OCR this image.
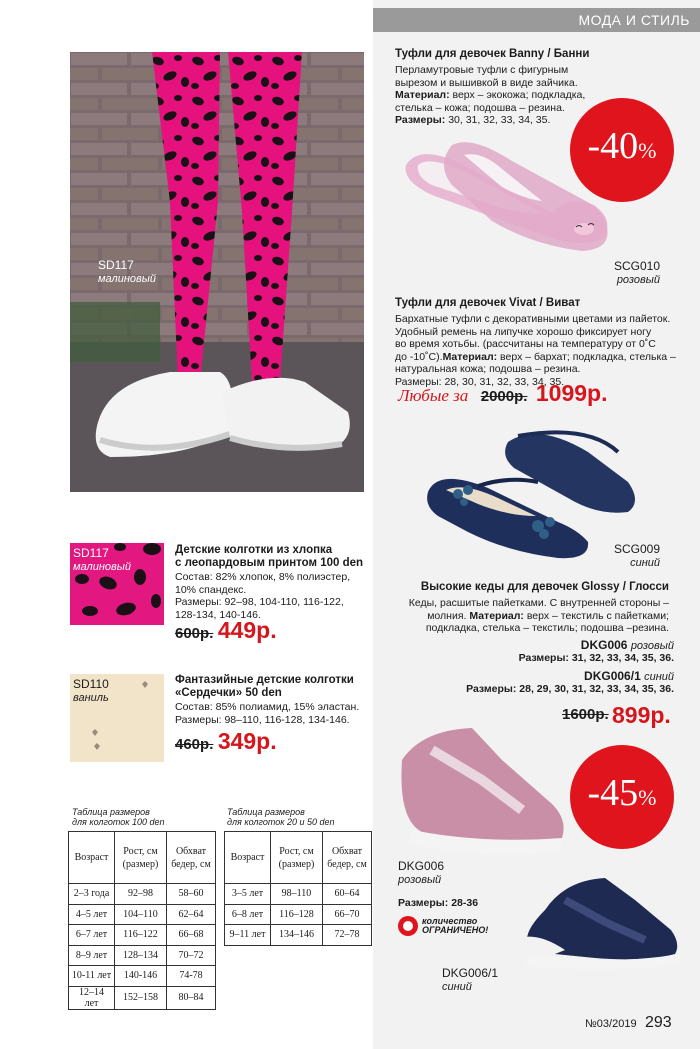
МОДА И СТИЛЬ
SD117
малиновый
SD117
малиновый
Детские колготки из хлопка
с леопардовым принтом 100 den
Состав: 82% хлопок, 8% полиэстер,
10% спандекс.
Размеры: 92–98, 104-110, 116-122,
128-134, 140-146.
600р. 449р.
SD110
ваниль
Фантазийные детские колготки
«Сердечки» 50 den
Состав: 85% полиамид, 15% эластан.
Размеры: 98–110, 116-128, 134-146.
460р. 349р.
Таблица размеров
для колготок 100 den
Возраст	Рост, см (размер)	Обхват бедер, см
2–3 года	92–98	58–60
4–5 лет	104–110	62–64
6–7 лет	116–122	66–68
8–9 лет	128–134	70–72
10-11 лет	140-146	74-78
12–14 лет	152–158	80–84
Таблица размеров
для колготок 20 и 50 den
Возраст	Рост, см (размер)	Обхват бедер, см
3–5 лет	98–110	60–64
6–8 лет	116–128	66–70
9–11 лет	134–146	72–78
Туфли для девочек Banny / Банни
Перламутровые туфли с фигурным
вырезом и вышивкой в виде зайчика.
Материал: верх – экокожа; подкладка,
стелька – кожа; подошва – резина.
Размеры: 30, 31, 32, 33, 34, 35.
-40%
SCG010
розовый
Туфли для девочек Vivat / Виват
Бархатные туфли с декоративными цветами из пайеток.
Удобный ремень на липучке хорошо фиксирует ногу
во время хотьбы. (рассчитаны на температуру от 0˚С
до -10˚С).Материал: верх – бархат; подкладка, стелька –
натуральная кожа; подошва – резина.
Размеры: 28, 30, 31, 32, 33, 34, 35.
Любые за 2000р. 1099р.
SCG009
синий
Высокие кеды для девочек Glossy / Глосси
Кеды, расшитые пайетками. С внутренней стороны –
молния. Материал: верх – текстиль с пайетками;
подкладка, стелька – текстиль; подошва –резина.
DKG006 розовый
Размеры: 31, 32, 33, 34, 35, 36.
DKG006/1 синий
Размеры: 28, 29, 30, 31, 32, 33, 34, 35, 36.
1600р. 899р.
-45%
DKG006
розовый
Размеры: 28-36
количество
ОГРАНИЧЕНО!
DKG006/1
синий
№03/2019 293
